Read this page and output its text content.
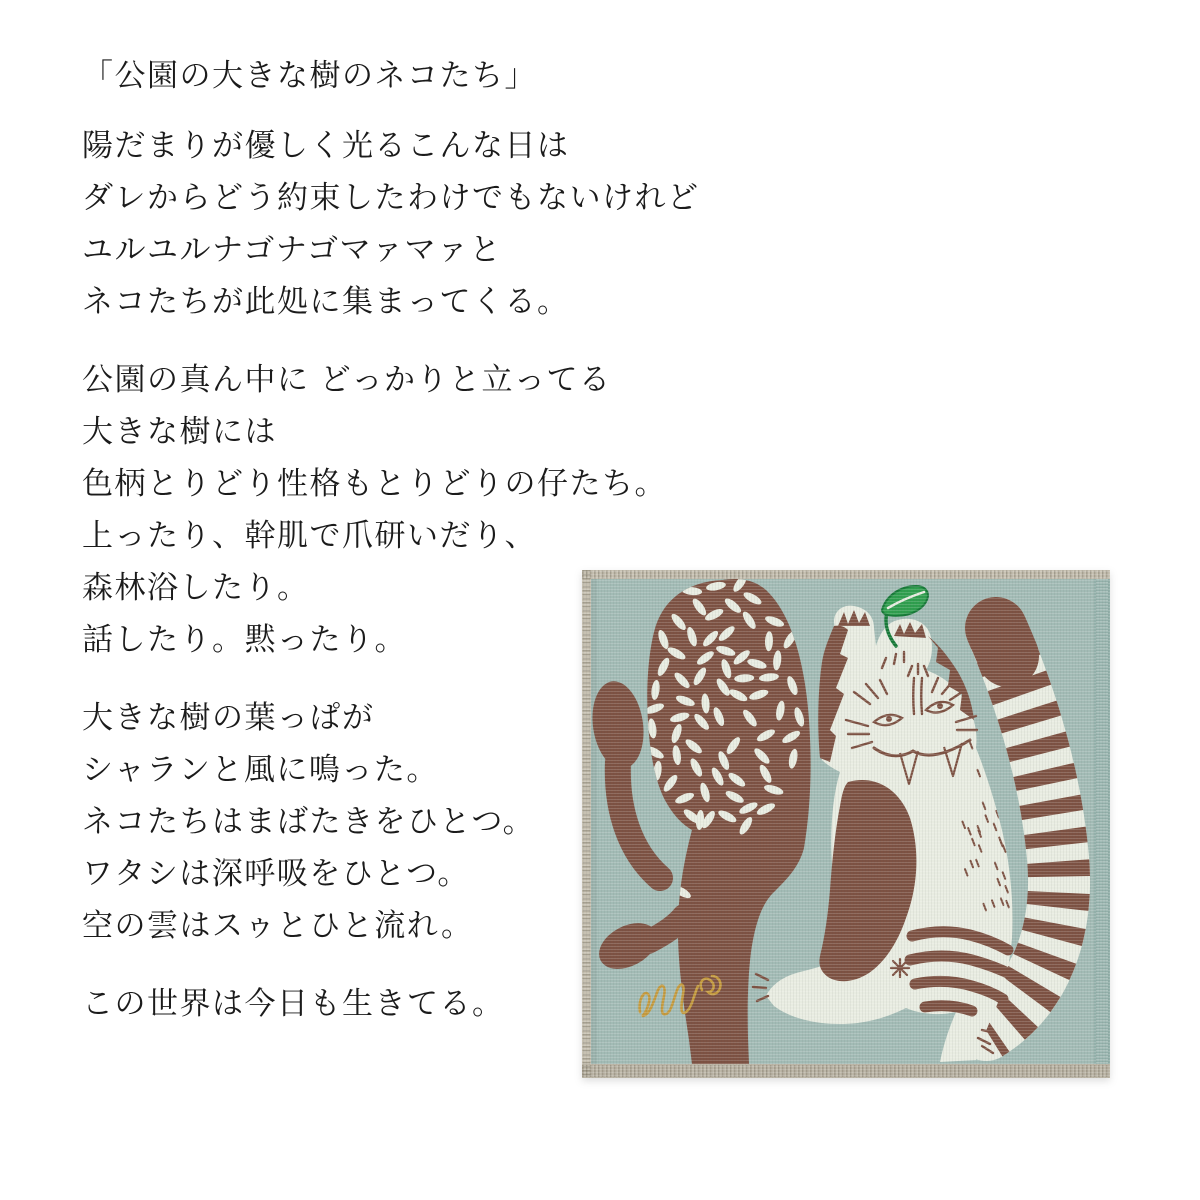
「公園の大きな樹のネコたち」

陽だまりが優しく光るこんな日は

ダレからどう約束したわけでもないけれど

ユルユルナゴナゴマァマァと

ネコたちが此処に集まってくる。

公園の真ん中に どっかりと立ってる

大きな樹には

色柄とりどり性格もとりどりの仔たち。

上ったり、幹肌で爪研いだり、

森林浴したり。

話したり。黙ったり。

大きな樹の葉っぱが

シャランと風に鳴った。

ネコたちはまばたきをひとつ。

ワタシは深呼吸をひとつ。

空の雲はスゥとひと流れ。

この世界は今日も生きてる。
